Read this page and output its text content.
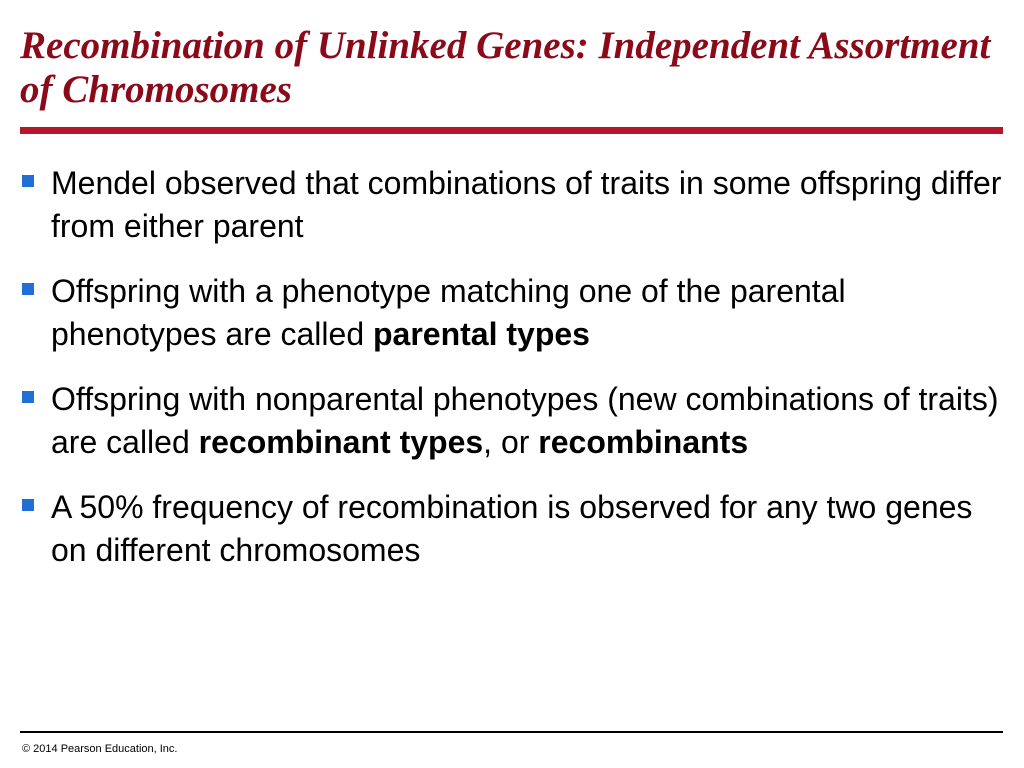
Recombination of Unlinked Genes: Independent Assortment of Chromosomes
Mendel observed that combinations of traits in some offspring differ from either parent
Offspring with a phenotype matching one of the parental phenotypes are called parental types
Offspring with nonparental phenotypes (new combinations of traits) are called recombinant types, or recombinants
A 50% frequency of recombination is observed for any two genes on different chromosomes
© 2014 Pearson Education, Inc.
